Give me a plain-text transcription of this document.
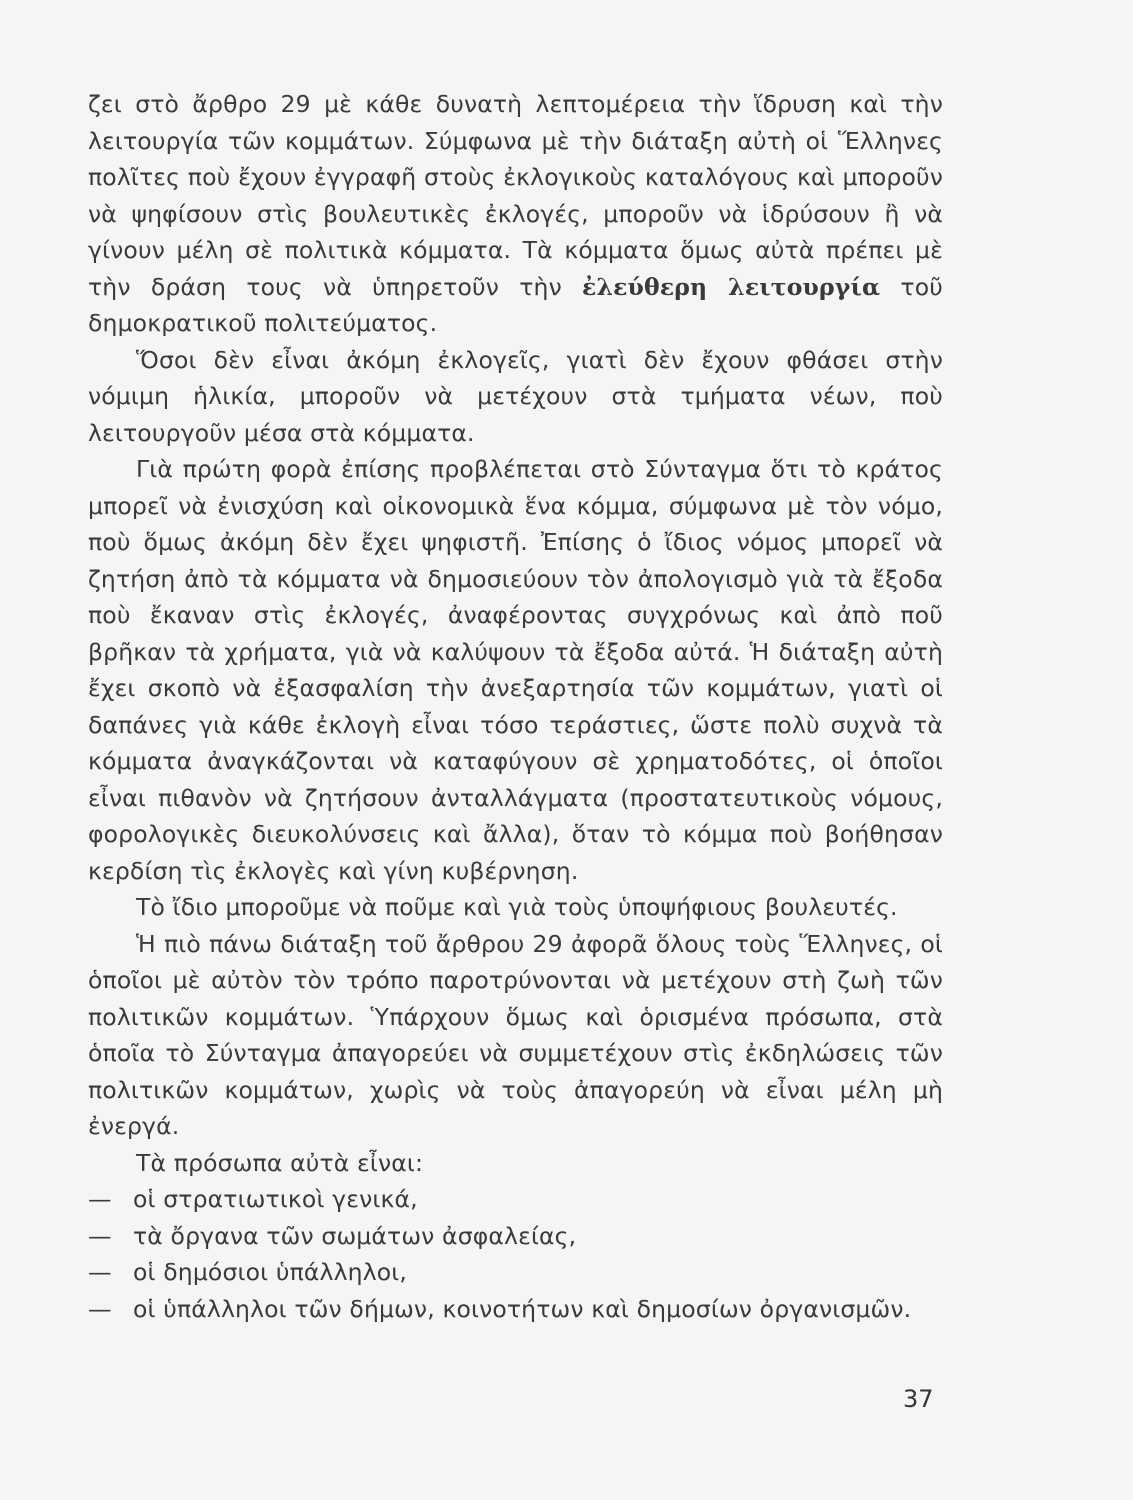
ζει στὸ ἄρθρο 29 μὲ κάθε δυνατὴ λεπτομέρεια τὴν ἵδρυση καὶ τὴν λειτουργία τῶν κομμάτων. Σύμφωνα μὲ τὴν διάταξη αὐτὴ οἱ Ἕλληνες πολῖτες ποὺ ἔχουν ἐγγραφῆ στοὺς ἐκλογικοὺς καταλόγους καὶ μποροῦν νὰ ψηφίσουν στὶς βουλευτικὲς ἐκλογές, μποροῦν νὰ ἱδρύσουν ἢ νὰ γίνουν μέλη σὲ πολιτικὰ κόμματα. Τὰ κόμματα ὅμως αὐτὰ πρέπει μὲ τὴν δράση τους νὰ ὑπηρετοῦν τὴν ἐλεύθερη λειτουργία τοῦ δημοκρατικοῦ πολιτεύματος.

Ὅσοι δὲν εἶναι ἀκόμη ἐκλογεῖς, γιατὶ δὲν ἔχουν φθάσει στὴν νόμιμη ἡλικία, μποροῦν νὰ μετέχουν στὰ τμήματα νέων, ποὺ λειτουργοῦν μέσα στὰ κόμματα.

Γιὰ πρώτη φορὰ ἐπίσης προβλέπεται στὸ Σύνταγμα ὅτι τὸ κράτος μπορεῖ νὰ ἐνισχύση καὶ οἰκονομικὰ ἕνα κόμμα, σύμφωνα μὲ τὸν νόμο, ποὺ ὅμως ἀκόμη δὲν ἔχει ψηφιστῆ. Ἐπίσης ὁ ἴδιος νόμος μπορεῖ νὰ ζητήση ἀπὸ τὰ κόμματα νὰ δημοσιεύουν τὸν ἀπολογισμὸ γιὰ τὰ ἔξοδα ποὺ ἔκαναν στὶς ἐκλογές, ἀναφέροντας συγχρόνως καὶ ἀπὸ ποῦ βρῆκαν τὰ χρήματα, γιὰ νὰ καλύψουν τὰ ἔξοδα αὐτά. Ἡ διάταξη αὐτὴ ἔχει σκοπὸ νὰ ἐξασφαλίση τὴν ἀνεξαρτησία τῶν κομμάτων, γιατὶ οἱ δαπάνες γιὰ κάθε ἐκλογὴ εἶναι τόσο τεράστιες, ὥστε πολὺ συχνὰ τὰ κόμματα ἀναγκάζονται νὰ καταφύγουν σὲ χρηματοδότες, οἱ ὁποῖοι εἶναι πιθανὸν νὰ ζητήσουν ἀνταλλάγματα (προστατευτικοὺς νόμους, φορολογικὲς διευκολύνσεις καὶ ἄλλα), ὅταν τὸ κόμμα ποὺ βοήθησαν κερδίση τὶς ἐκλογὲς καὶ γίνη κυβέρνηση.

Τὸ ἴδιο μποροῦμε νὰ ποῦμε καὶ γιὰ τοὺς ὑποψήφιους βουλευτές.

Ἡ πιὸ πάνω διάταξη τοῦ ἄρθρου 29 ἀφορᾶ ὅλους τοὺς Ἕλληνες, οἱ ὁποῖοι μὲ αὐτὸν τὸν τρόπο παροτρύνονται νὰ μετέχουν στὴ ζωὴ τῶν πολιτικῶν κομμάτων. Ὑπάρχουν ὅμως καὶ ὁρισμένα πρόσωπα, στὰ ὁποῖα τὸ Σύνταγμα ἀπαγορεύει νὰ συμμετέχουν στὶς ἐκδηλώσεις τῶν πολιτικῶν κομμάτων, χωρὶς νὰ τοὺς ἀπαγορεύη νὰ εἶναι μέλη μὴ ἐνεργά.

Τὰ πρόσωπα αὐτὰ εἶναι:

— οἱ στρατιωτικοὶ γενικά,
— τὰ ὄργανα τῶν σωμάτων ἀσφαλείας,
— οἱ δημόσιοι ὑπάλληλοι,
— οἱ ὑπάλληλοι τῶν δήμων, κοινοτήτων καὶ δημοσίων ὀργανισμῶν.
37
